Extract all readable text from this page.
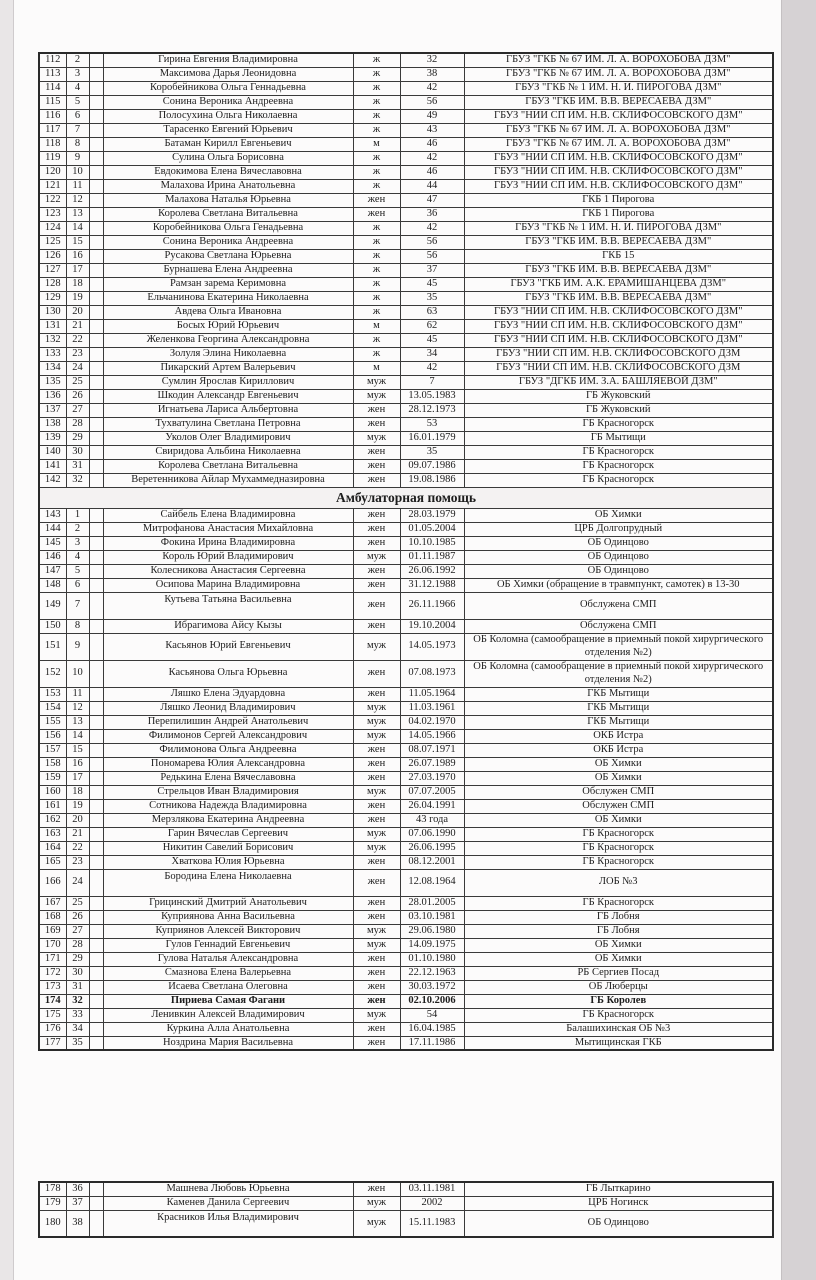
112	2		Гирина Евгения Владимировна	ж	32	ГБУЗ "ГКБ № 67 ИМ. Л. А. ВОРОХОБОВА ДЗМ"
113	3		Максимова Дарья Леонидовна	ж	38	ГБУЗ "ГКБ № 67 ИМ. Л. А. ВОРОХОБОВА ДЗМ"
114	4		Коробейникова Ольга Геннадьевна	ж	42	ГБУЗ "ГКБ № 1 ИМ. Н. И. ПИРОГОВА ДЗМ"
115	5		Сонина Вероника Андреевна	ж	56	ГБУЗ "ГКБ ИМ. В.В. ВЕРЕСАЕВА ДЗМ"
116	6		Полосухина Ольга Николаевна	ж	49	ГБУЗ "НИИ СП ИМ. Н.В. СКЛИФОСОВСКОГО ДЗМ"
117	7		Тарасенко Евгений Юрьевич	ж	43	ГБУЗ "ГКБ № 67 ИМ. Л. А. ВОРОХОБОВА ДЗМ"
118	8		Батаман Кирилл Евгеньевич	м	46	ГБУЗ "ГКБ № 67 ИМ. Л. А. ВОРОХОБОВА ДЗМ"
119	9		Сулина Ольга Борисовна	ж	42	ГБУЗ "НИИ СП ИМ. Н.В. СКЛИФОСОВСКОГО ДЗМ"
120	10		Евдокимова Елена Вячеславовна	ж	46	ГБУЗ "НИИ СП ИМ. Н.В. СКЛИФОСОВСКОГО ДЗМ"
121	11		Малахова Ирина Анатольевна	ж	44	ГБУЗ "НИИ СП ИМ. Н.В. СКЛИФОСОВСКОГО ДЗМ"
122	12		Малахова Наталья Юрьевна	жен	47	ГКБ 1 Пирогова
123	13		Королева Светлана Витальевна	жен	36	ГКБ 1 Пирогова
124	14		Коробейникова Ольга Генадьевна	ж	42	ГБУЗ "ГКБ № 1 ИМ. Н. И. ПИРОГОВА ДЗМ"
125	15		Сонина Вероника Андреевна	ж	56	ГБУЗ "ГКБ ИМ. В.В. ВЕРЕСАЕВА ДЗМ"
126	16		Русакова Светлана Юрьевна	ж	56	ГКБ 15
127	17		Бурнашева Елена Андреевна	ж	37	ГБУЗ "ГКБ ИМ. В.В. ВЕРЕСАЕВА ДЗМ"
128	18		Рамзан зарема Керимовна	ж	45	ГБУЗ "ГКБ ИМ. А.К. ЕРАМИШАНЦЕВА ДЗМ"
129	19		Ельчанинова Екатерина Николаевна	ж	35	ГБУЗ "ГКБ ИМ. В.В. ВЕРЕСАЕВА ДЗМ"
130	20		Авдева Ольга Ивановна	ж	63	ГБУЗ "НИИ СП ИМ. Н.В. СКЛИФОСОВСКОГО ДЗМ"
131	21		Босых Юрий Юрьевич	м	62	ГБУЗ "НИИ СП ИМ. Н.В. СКЛИФОСОВСКОГО ДЗМ"
132	22		Желенкова Георгина Александровна	ж	45	ГБУЗ "НИИ СП ИМ. Н.В. СКЛИФОСОВСКОГО ДЗМ"
133	23		Золуля Элина Николаевна	ж	34	ГБУЗ "НИИ СП ИМ. Н.В. СКЛИФОСОВСКОГО ДЗМ
134	24		Пикарский Артем Валерьевич	м	42	ГБУЗ "НИИ СП ИМ. Н.В. СКЛИФОСОВСКОГО ДЗМ
135	25		Сумлин Ярослав Кириллович	муж	7	ГБУЗ "ДГКБ ИМ. З.А. БАШЛЯЕВОЙ ДЗМ"
136	26		Шкодин Александр Евгеньевич	муж	13.05.1983	ГБ Жуковский
137	27		Игнатьева Лариса Альбертовна	жен	28.12.1973	ГБ Жуковский
138	28		Тухватулина Светлана Петровна	жен	53	ГБ Красногорск
139	29		Уколов Олег Владимирович	муж	16.01.1979	ГБ Мытищи
140	30		Свиридова Альбина Николаевна	жен	35	ГБ Красногорск
141	31		Королева Светлана Витальевна	жен	09.07.1986	ГБ Красногорск
142	32		Веретенникова Айлар Мухаммедназировна	жен	19.08.1986	ГБ Красногорск
Амбулаторная помощь						
143	1		Сайбель Елена Владимировна	жен	28.03.1979	ОБ Химки
144	2		Митрофанова Анастасия Михайловна	жен	01.05.2004	ЦРБ Долгопрудный
145	3		Фокина Ирина Владимировна	жен	10.10.1985	ОБ Одинцово
146	4		Король Юрий Владимирович	муж	01.11.1987	ОБ Одинцово
147	5		Колесникова Анастасия Сергеевна	жен	26.06.1992	ОБ Одинцово
148	6		Осипова Марина Владимировна	жен	31.12.1988	ОБ Химки (обращение в травмпункт, самотек) в 13-30
149	7		Кутьева Татьяна Васильевна	жен	26.11.1966	Обслужена СМП
150	8		Ибрагимова Айсу Кызы	жен	19.10.2004	Обслужена СМП
151	9		Касьянов Юрий Евгеньевич	муж	14.05.1973	ОБ Коломна (самообращение в приемный покой хирургического отделения №2)
152	10		Касьянова Ольга Юрьевна	жен	07.08.1973	ОБ Коломна (самообращение в приемный покой хирургического отделения №2)
153	11		Ляшко Елена Эдуардовна	жен	11.05.1964	ГКБ Мытищи
154	12		Ляшко Леонид Владимирович	муж	11.03.1961	ГКБ Мытищи
155	13		Перепилишин Андрей Анатольевич	муж	04.02.1970	ГКБ Мытищи
156	14		Филимонов Сергей Александрович	муж	14.05.1966	ОКБ Истра
157	15		Филимонова Ольга Андреевна	жен	08.07.1971	ОКБ Истра
158	16		Пономарева Юлия Александровна	жен	26.07.1989	ОБ Химки
159	17		Редькина Елена Вячеславовна	жен	27.03.1970	ОБ Химки
160	18		Стрельцов Иван Владимировия	муж	07.07.2005	Обслужен СМП
161	19		Сотникова Надежда Владимировна	жен	26.04.1991	Обслужен СМП
162	20		Мерзлякова Екатерина Андреевна	жен	43 года	ОБ Химки
163	21		Гарин Вячеслав Сергеевич	муж	07.06.1990	ГБ Красногорск
164	22		Никитин Савелий Борисович	муж	26.06.1995	ГБ Красногорск
165	23		Хваткова Юлия Юрьевна	жен	08.12.2001	ГБ Красногорск
166	24		Бородина Елена Николаевна	жен	12.08.1964	ЛОБ №3
167	25		Грицинский Дмитрий Анатольевич	жен	28.01.2005	ГБ Красногорск
168	26		Куприянова Анна Васильевна	жен	03.10.1981	ГБ Лобня
169	27		Куприянов Алексей Викторович	муж	29.06.1980	ГБ Лобня
170	28		Гулов Геннадий Евгеньевич	муж	14.09.1975	ОБ Химки
171	29		Гулова Наталья Александровна	жен	01.10.1980	ОБ Химки
172	30		Смазнова Елена Валерьевна	жен	22.12.1963	РБ Сергиев Посад
173	31		Исаева Светлана Олеговна	жен	30.03.1972	ОБ Люберцы
174	32		Пириева Самая Фагани	жен	02.10.2006	ГБ Королев
175	33		Ленивкин Алексей Владимирович	муж	54	ГБ Красногорск
176	34		Куркина Алла Анатольевна	жен	16.04.1985	Балашихинская ОБ №3
177	35		Ноздрина Мария Васильевна	жен	17.11.1986	Мытищинская ГКБ
178	36		Машнева Любовь Юрьевна	жен	03.11.1981	ГБ Лыткарино
179	37		Каменев Данила Сергеевич	муж	2002	ЦРБ Ногинск
180	38		Красников Илья Владимирович	муж	15.11.1983	ОБ Одинцово
